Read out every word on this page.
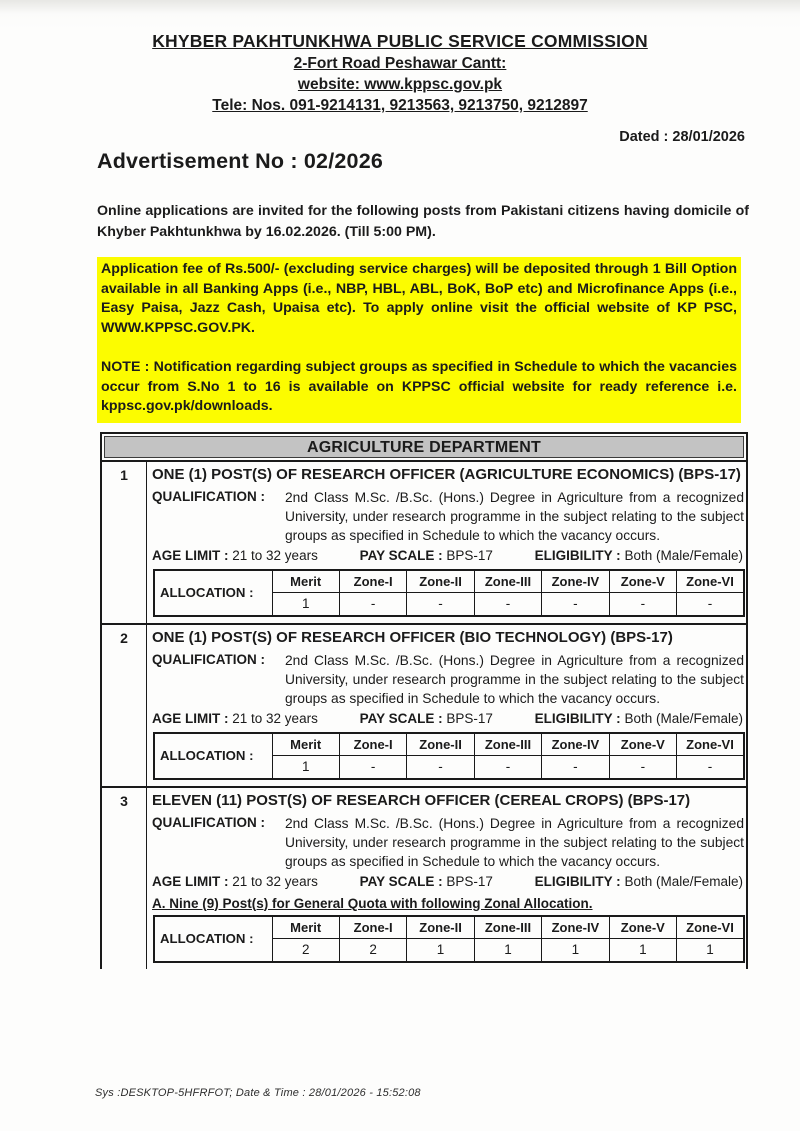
KHYBER PAKHTUNKHWA PUBLIC SERVICE COMMISSION
2-Fort Road Peshawar Cantt:
website: www.kppsc.gov.pk
Tele: Nos. 091-9214131, 9213563, 9213750, 9212897
Dated : 28/01/2026
Advertisement No : 02/2026

Online applications are invited for the following posts from Pakistani citizens having domicile of Khyber Pakhtunkhwa by 16.02.2026. (Till 5:00 PM).

Application fee of Rs.500/- (excluding service charges) will be deposited through 1 Bill Option available in all Banking Apps (i.e., NBP, HBL, ABL, BoK, BoP etc) and Microfinance Apps (i.e., Easy Paisa, Jazz Cash, Upaisa etc). To apply online visit the official website of KP PSC, WWW.KPPSC.GOV.PK.

NOTE : Notification regarding subject groups as specified in Schedule to which the vacancies occur from S.No 1 to 16 is available on KPPSC official website for ready reference i.e. kppsc.gov.pk/downloads.

AGRICULTURE DEPARTMENT
1	ONE (1) POST(S) OF RESEARCH OFFICER (AGRICULTURE ECONOMICS) (BPS-17)
QUALIFICATION :	2nd Class M.Sc. /B.Sc. (Hons.) Degree in Agriculture from a recognized University, under research programme in the subject relating to the subject groups as specified in Schedule to which the vacancy occurs.
AGE LIMIT : 21 to 32 years	PAY SCALE : BPS-17	ELIGIBILITY : Both (Male/Female)
ALLOCATION :	Merit	Zone-I	Zone-II	Zone-III	Zone-IV	Zone-V	Zone-VI
	1	-	-	-	-	-	-
2	ONE (1) POST(S) OF RESEARCH OFFICER (BIO TECHNOLOGY) (BPS-17)
QUALIFICATION :	2nd Class M.Sc. /B.Sc. (Hons.) Degree in Agriculture from a recognized University, under research programme in the subject relating to the subject groups as specified in Schedule to which the vacancy occurs.
AGE LIMIT : 21 to 32 years	PAY SCALE : BPS-17	ELIGIBILITY : Both (Male/Female)
ALLOCATION :	Merit	Zone-I	Zone-II	Zone-III	Zone-IV	Zone-V	Zone-VI
	1	-	-	-	-	-	-
3	ELEVEN (11) POST(S) OF RESEARCH OFFICER (CEREAL CROPS) (BPS-17)
QUALIFICATION :	2nd Class M.Sc. /B.Sc. (Hons.) Degree in Agriculture from a recognized University, under research programme in the subject relating to the subject groups as specified in Schedule to which the vacancy occurs.
AGE LIMIT : 21 to 32 years	PAY SCALE : BPS-17	ELIGIBILITY : Both (Male/Female)
A. Nine (9) Post(s) for General Quota with following Zonal Allocation.
ALLOCATION :	Merit	Zone-I	Zone-II	Zone-III	Zone-IV	Zone-V	Zone-VI
	2	2	1	1	1	1	1
Sys :DESKTOP-5HFRFOT; Date & Time : 28/01/2026 - 15:52:08
